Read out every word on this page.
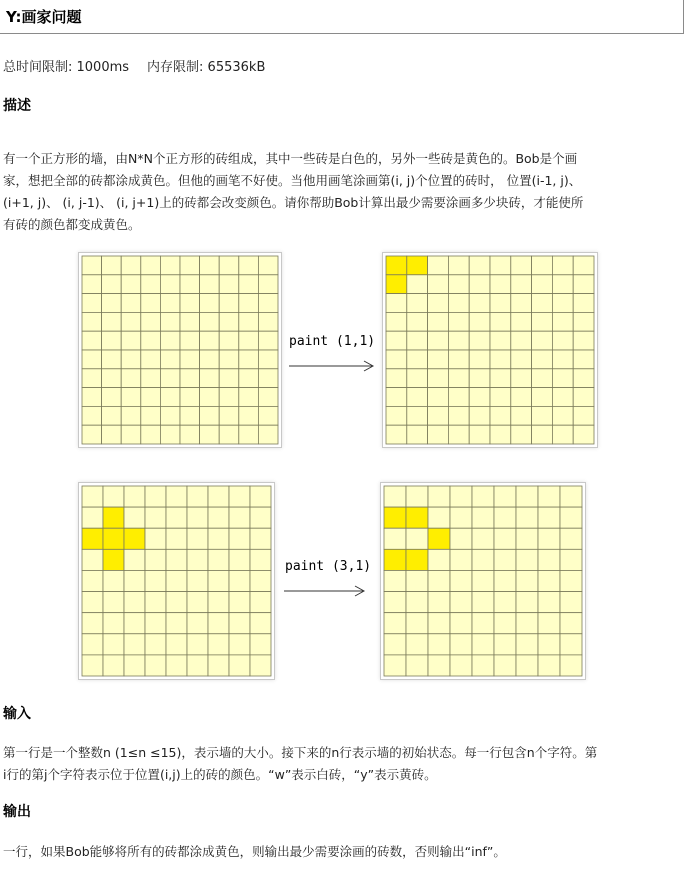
Y:画家问题
总时间限制: 1000ms 内存限制: 65536kB
描述
有一个正方形的墙，由N*N个正方形的砖组成，其中一些砖是白色的，另外一些砖是黄色的。Bob是个画
家，想把全部的砖都涂成黄色。但他的画笔不好使。当他用画笔涂画第(i, j)个位置的砖时， 位置(i-1, j)、
(i+1, j)、 (i, j-1)、 (i, j+1)上的砖都会改变颜色。请你帮助Bob计算出最少需要涂画多少块砖，才能使所
有砖的颜色都变成黄色。
paint (1,1)
paint (3,1)
输入
第一行是一个整数n (1≤n ≤15)，表示墙的大小。接下来的n行表示墙的初始状态。每一行包含n个字符。第
i行的第j个字符表示位于位置(i,j)上的砖的颜色。“w”表示白砖，“y”表示黄砖。
输出
一行，如果Bob能够将所有的砖都涂成黄色，则输出最少需要涂画的砖数，否则输出“inf”。
